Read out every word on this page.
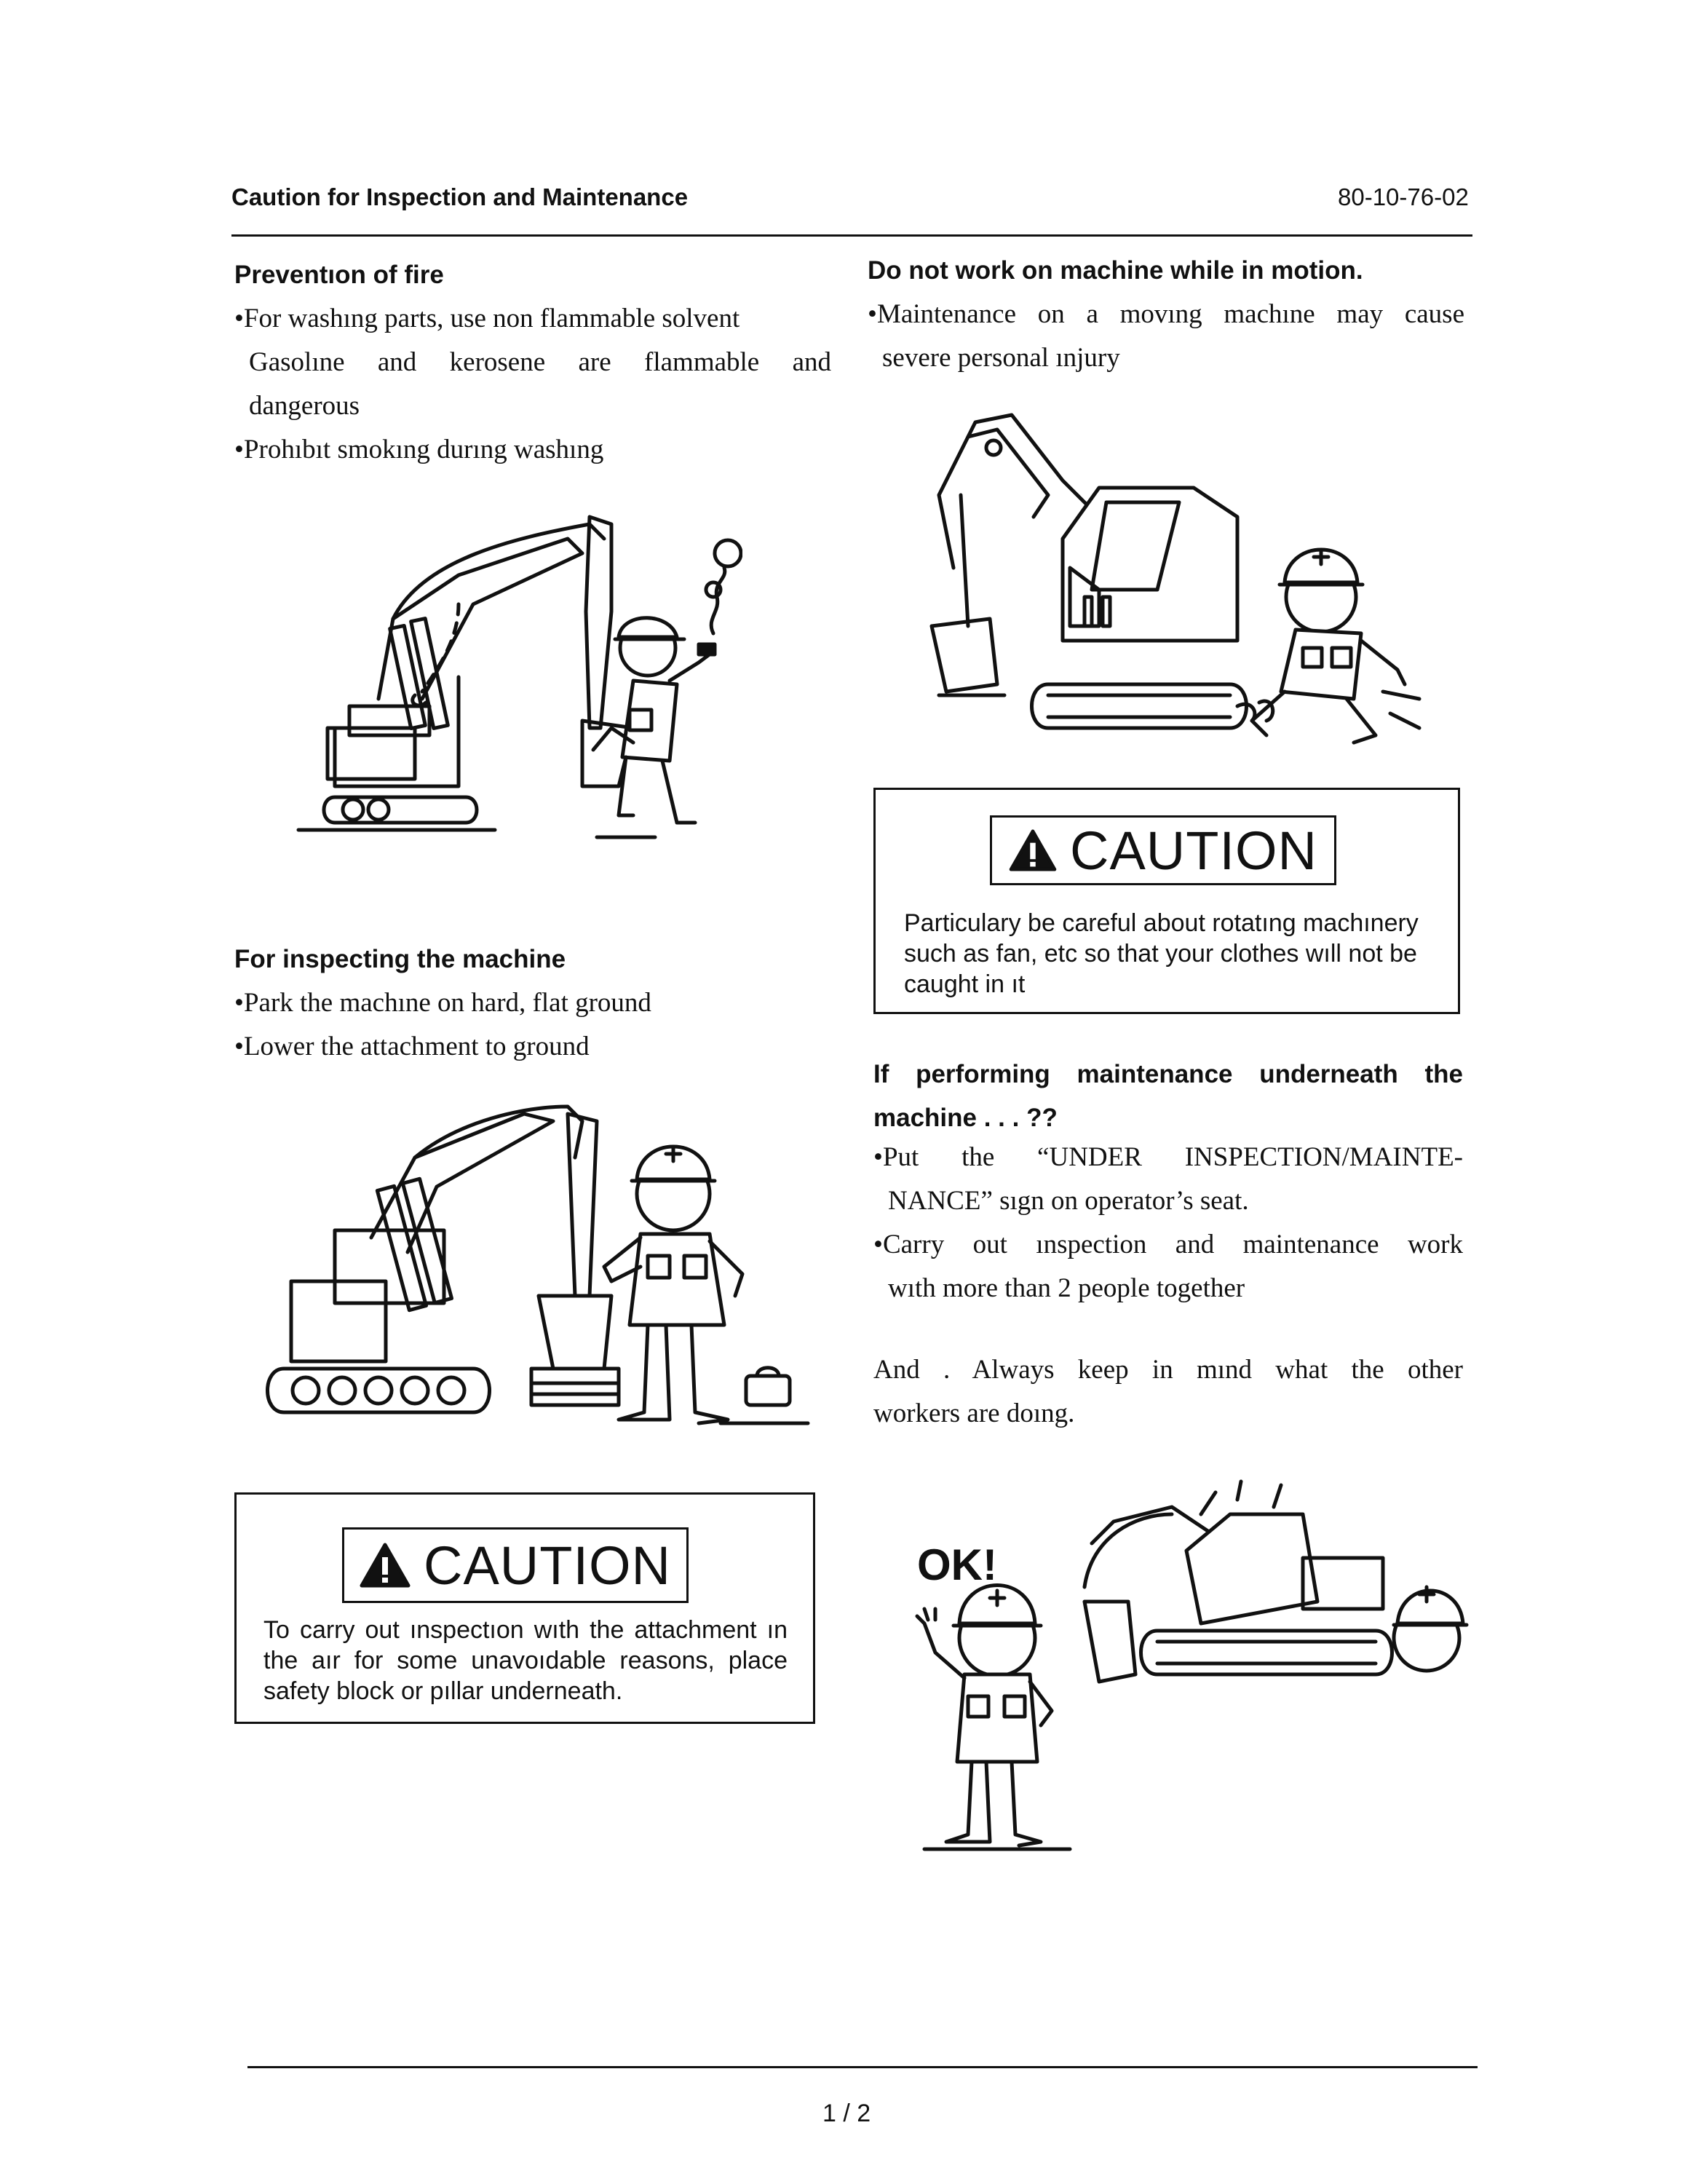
Caution for Inspection and Maintenance	80-10-76-02
Preventıon of fire

•For washıng parts, use non flammable solvent

Gasolıne and kerosene are flammable and

dangerous

•Prohıbıt smokıng durıng washıng

For inspecting the machine

•Park the machıne on hard, flat ground

•Lower the attachment to ground

CAUTION
To carry out ınspectıon wıth the attachment ın
the aır for some unavoıdable reasons, place
safety block or pıllar underneath.
Do not work on machine while in motion.

•Maintenance on a movıng machıne may cause

severe personal ınjury

CAUTION
Particulary be careful about rotatıng machınery
such as fan, etc so that your clothes wıll not be
caught in ıt
If performing maintenance underneath the
machine . . . ??

•Put the “UNDER INSPECTION/MAINTE-

NANCE” sıgn on operator’s seat.

•Carry out ınspection and maintenance work

wıth more than 2 people together

And . Always keep in mınd what the other

workers are doıng.

OK!
1 / 2
